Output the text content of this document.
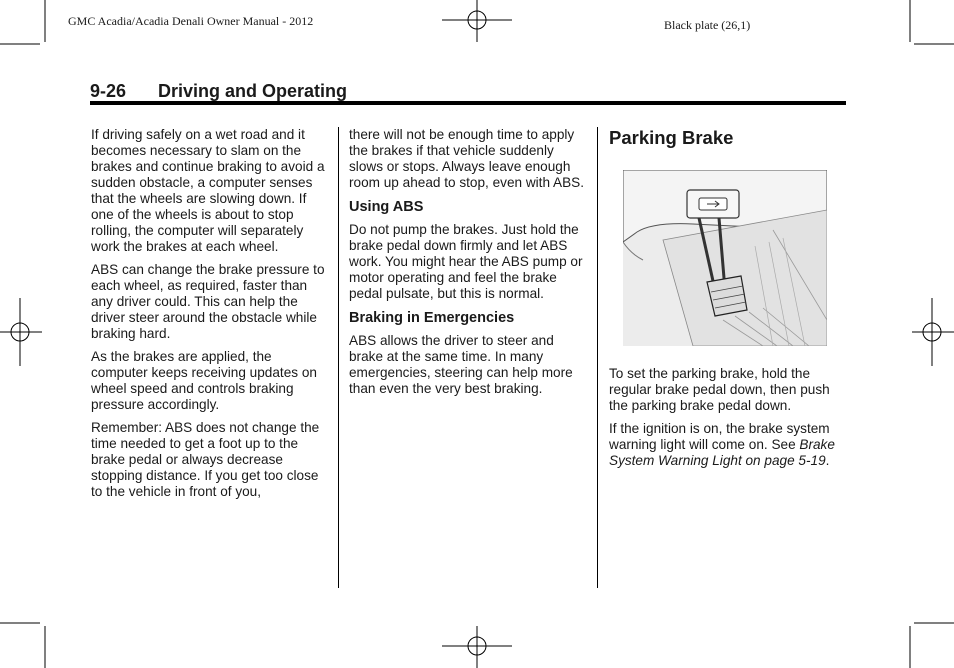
GMC Acadia/Acadia Denali Owner Manual - 2012	Black plate (26,1)
9-26 Driving and Operating

If driving safely on a wet road and it becomes necessary to slam on the brakes and continue braking to avoid a sudden obstacle, a computer senses that the wheels are slowing down. If one of the wheels is about to stop rolling, the computer will separately work the brakes at each wheel.

ABS can change the brake pressure to each wheel, as required, faster than any driver could. This can help the driver steer around the obstacle while braking hard.

As the brakes are applied, the computer keeps receiving updates on wheel speed and controls braking pressure accordingly.

Remember: ABS does not change the time needed to get a foot up to the brake pedal or always decrease stopping distance. If you get too close to the vehicle in front of you,

there will not be enough time to apply the brakes if that vehicle suddenly slows or stops. Always leave enough room up ahead to stop, even with ABS.

Using ABS

Do not pump the brakes. Just hold the brake pedal down firmly and let ABS work. You might hear the ABS pump or motor operating and feel the brake pedal pulsate, but this is normal.

Braking in Emergencies

ABS allows the driver to steer and brake at the same time. In many emergencies, steering can help more than even the very best braking.

Parking Brake

To set the parking brake, hold the regular brake pedal down, then push the parking brake pedal down.

If the ignition is on, the brake system warning light will come on. See Brake System Warning Light on page 5-19.
